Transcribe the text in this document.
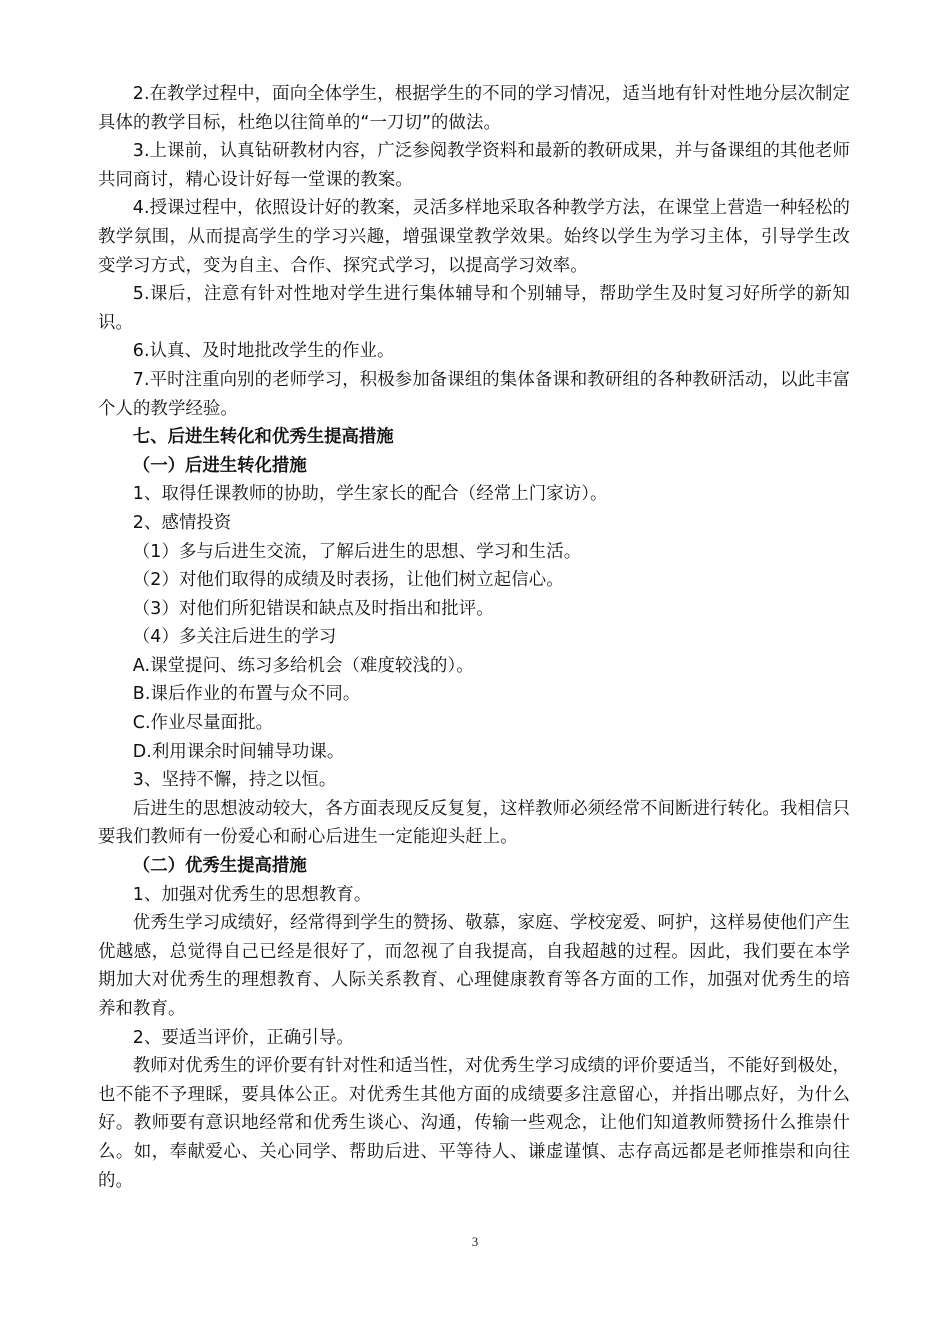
2.在教学过程中，面向全体学生，根据学生的不同的学习情况，适当地有针对性地分层次制定具体的教学目标，杜绝以往简单的“一刀切”的做法。

3.上课前，认真钻研教材内容，广泛参阅教学资料和最新的教研成果，并与备课组的其他老师共同商讨，精心设计好每一堂课的教案。

4.授课过程中，依照设计好的教案，灵活多样地采取各种教学方法，在课堂上营造一种轻松的教学氛围，从而提高学生的学习兴趣，增强课堂教学效果。始终以学生为学习主体，引导学生改变学习方式，变为自主、合作、探究式学习，以提高学习效率。

5.课后，注意有针对性地对学生进行集体辅导和个别辅导，帮助学生及时复习好所学的新知识。

6.认真、及时地批改学生的作业。

7.平时注重向别的老师学习，积极参加备课组的集体备课和教研组的各种教研活动，以此丰富个人的教学经验。

七、后进生转化和优秀生提高措施

（一）后进生转化措施

1、取得任课教师的协助，学生家长的配合（经常上门家访）。

2、感情投资

（1）多与后进生交流，了解后进生的思想、学习和生活。

（2）对他们取得的成绩及时表扬，让他们树立起信心。

（3）对他们所犯错误和缺点及时指出和批评。

（4）多关注后进生的学习

A.课堂提问、练习多给机会（难度较浅的）。

B.课后作业的布置与众不同。

C.作业尽量面批。

D.利用课余时间辅导功课。

3、坚持不懈，持之以恒。

后进生的思想波动较大，各方面表现反反复复，这样教师必须经常不间断进行转化。我相信只要我们教师有一份爱心和耐心后进生一定能迎头赶上。

（二）优秀生提高措施

1、加强对优秀生的思想教育。

优秀生学习成绩好，经常得到学生的赞扬、敬慕，家庭、学校宠爱、呵护，这样易使他们产生优越感，总觉得自己已经是很好了，而忽视了自我提高，自我超越的过程。因此，我们要在本学期加大对优秀生的理想教育、人际关系教育、心理健康教育等各方面的工作，加强对优秀生的培养和教育。

2、要适当评价，正确引导。

教师对优秀生的评价要有针对性和适当性，对优秀生学习成绩的评价要适当，不能好到极处，也不能不予理睬，要具体公正。对优秀生其他方面的成绩要多注意留心，并指出哪点好，为什么好。教师要有意识地经常和优秀生谈心、沟通，传输一些观念，让他们知道教师赞扬什么推崇什么。如，奉献爱心、关心同学、帮助后进、平等待人、谦虚谨慎、志存高远都是老师推崇和向往的。

3
